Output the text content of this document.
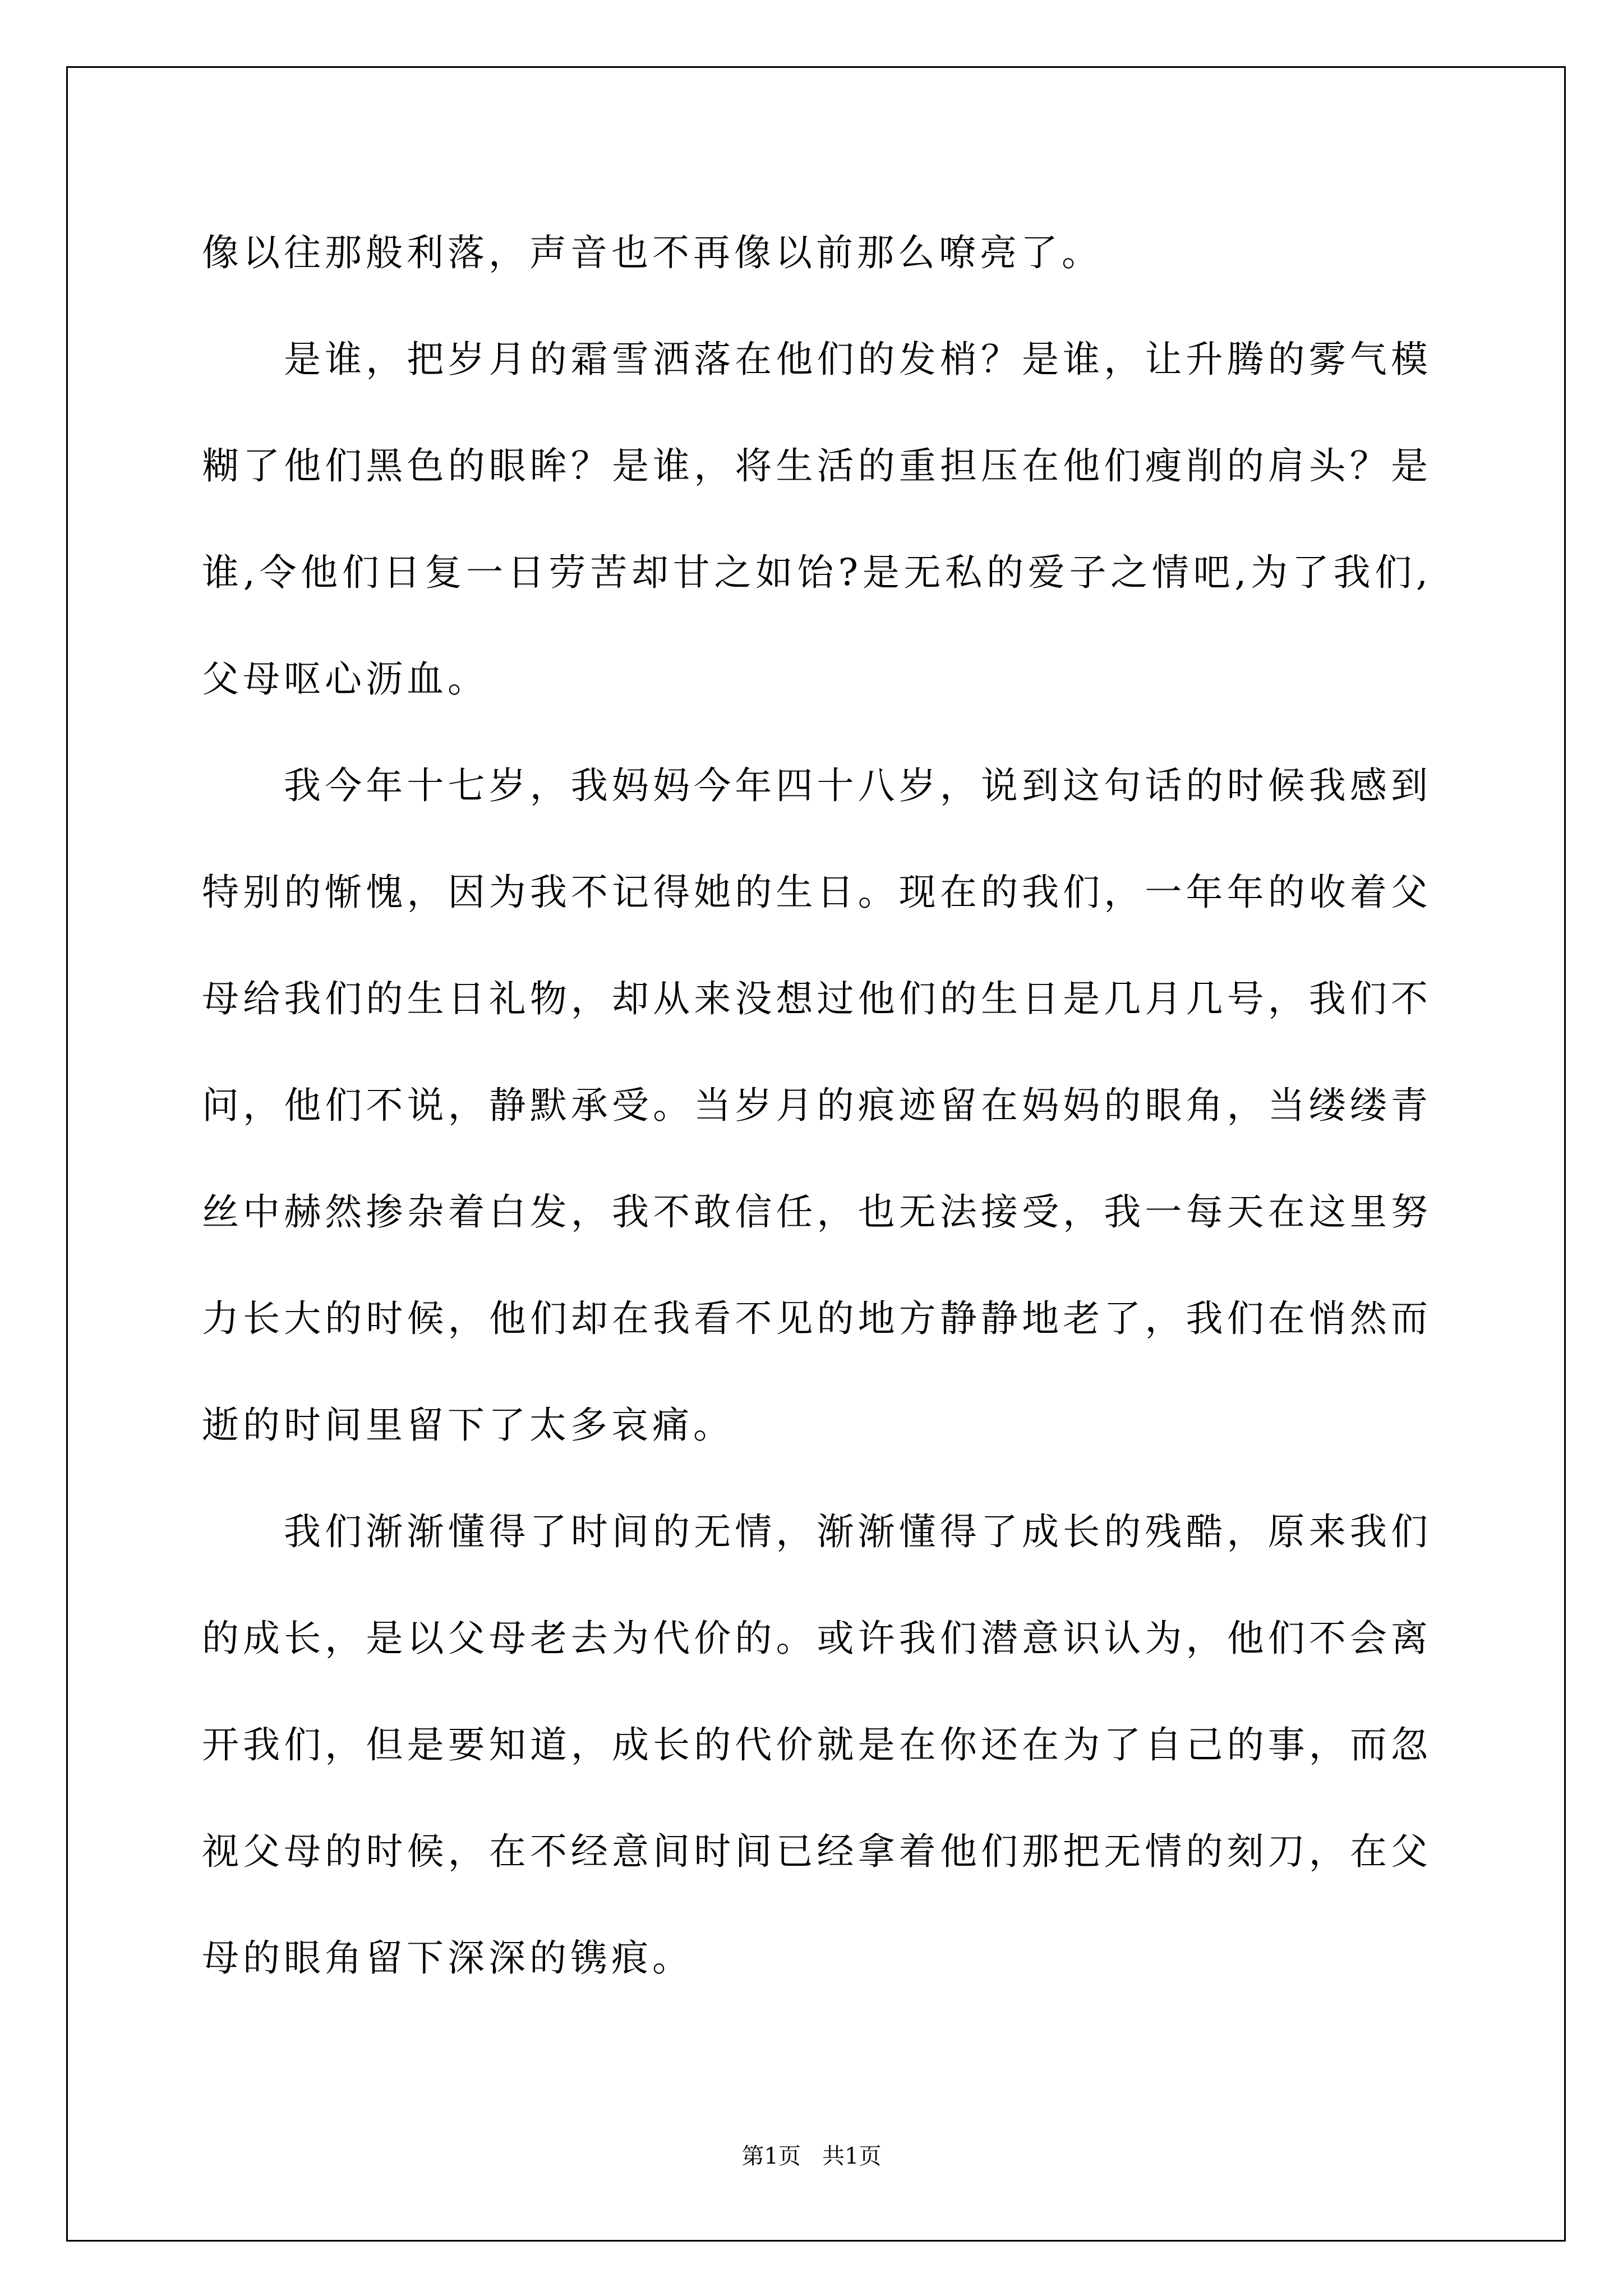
像以往那般利落，声音也不再像以前那么嘹亮了。
是谁，把岁月的霜雪洒落在他们的发梢？是谁，让升腾的雾气模
糊了他们黑色的眼眸？是谁，将生活的重担压在他们瘦削的肩头？是
谁,令他们日复一日劳苦却甘之如饴?是无私的爱子之情吧,为了我们,
父母呕心沥血。
我今年十七岁，我妈妈今年四十八岁，说到这句话的时候我感到
特别的惭愧，因为我不记得她的生日。现在的我们，一年年的收着父
母给我们的生日礼物，却从来没想过他们的生日是几月几号，我们不
问，他们不说，静默承受。当岁月的痕迹留在妈妈的眼角，当缕缕青
丝中赫然掺杂着白发，我不敢信任，也无法接受，我一每天在这里努
力长大的时候，他们却在我看不见的地方静静地老了，我们在悄然而
逝的时间里留下了太多哀痛。
我们渐渐懂得了时间的无情，渐渐懂得了成长的残酷，原来我们
的成长，是以父母老去为代价的。或许我们潜意识认为，他们不会离
开我们，但是要知道，成长的代价就是在你还在为了自己的事，而忽
视父母的时候，在不经意间时间已经拿着他们那把无情的刻刀，在父
母的眼角留下深深的镌痕。
第1页   共1页
